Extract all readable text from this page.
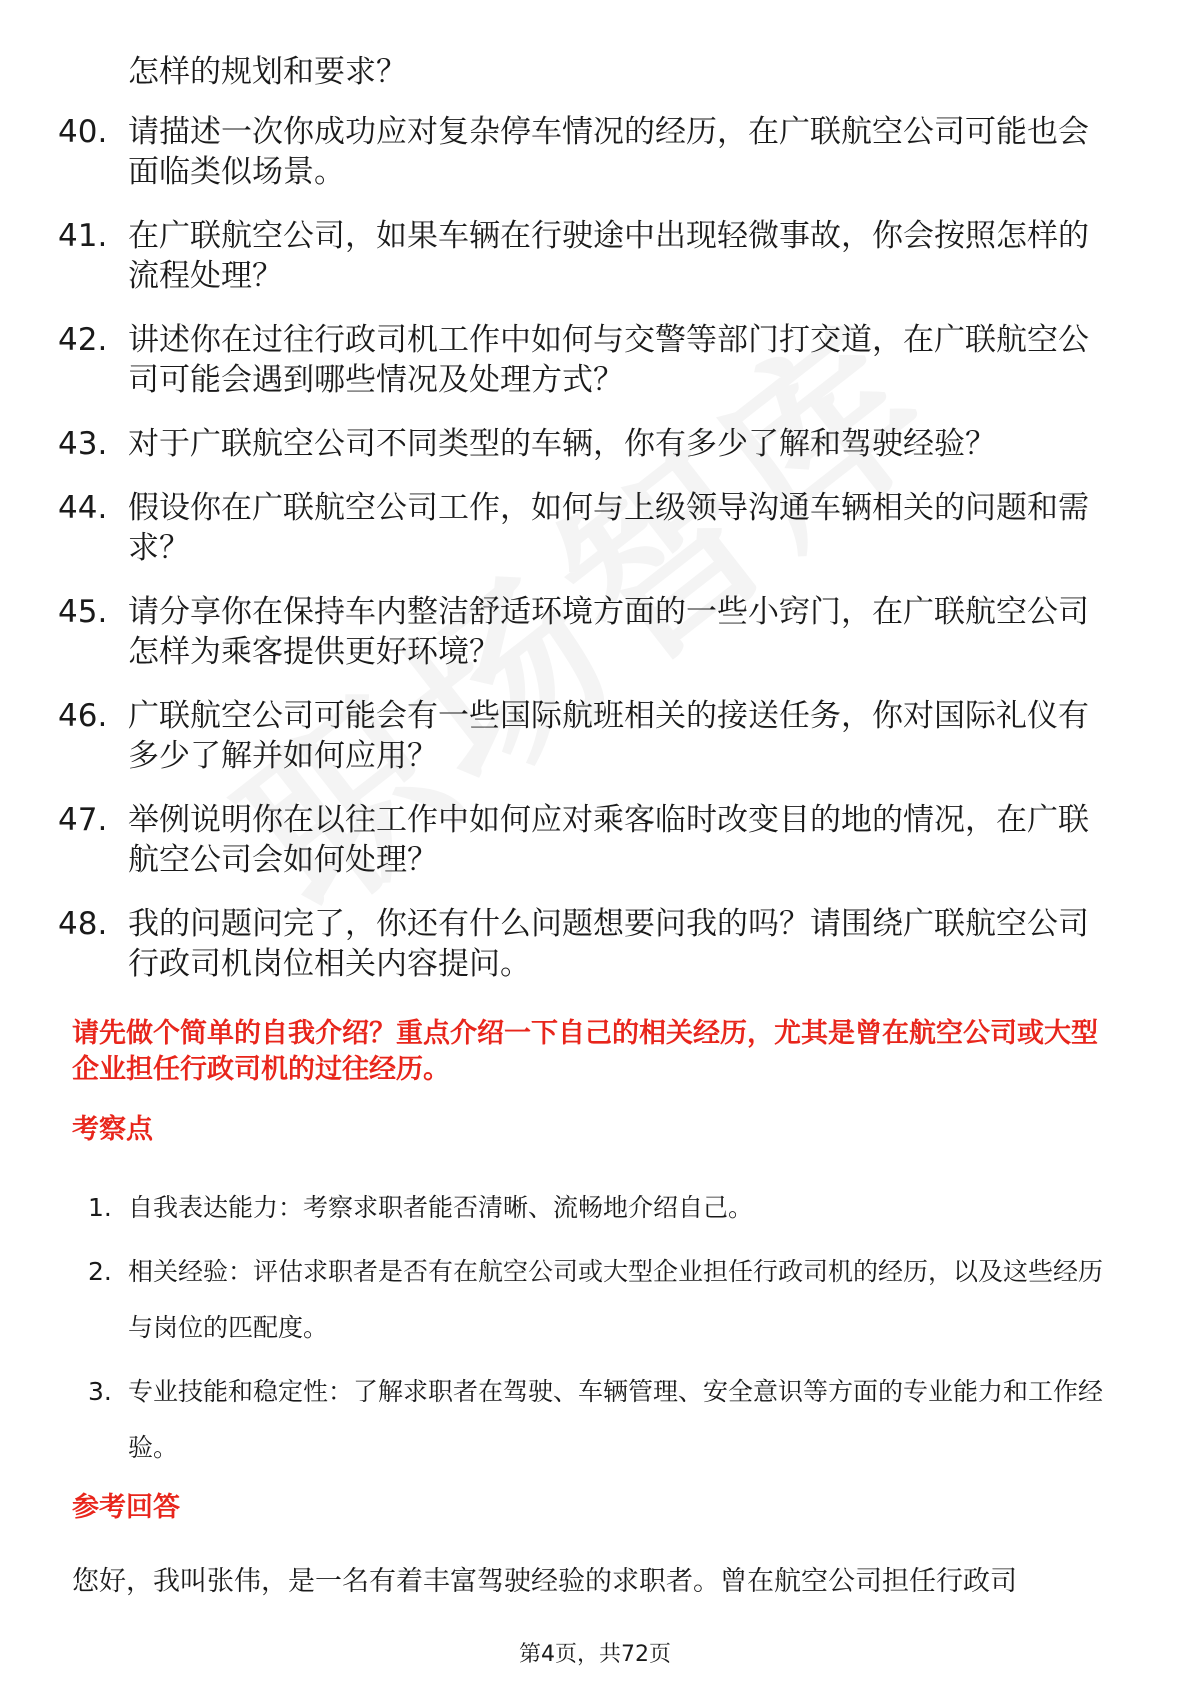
怎样的规划和要求？

40. 请描述一次你成功应对复杂停车情况的经历，在广联航空公司可能也会面临类似场景。
41. 在广联航空公司，如果车辆在行驶途中出现轻微事故，你会按照怎样的流程处理？
42. 讲述你在过往行政司机工作中如何与交警等部门打交道，在广联航空公司可能会遇到哪些情况及处理方式？
43. 对于广联航空公司不同类型的车辆，你有多少了解和驾驶经验？
44. 假设你在广联航空公司工作，如何与上级领导沟通车辆相关的问题和需求？
45. 请分享你在保持车内整洁舒适环境方面的一些小窍门，在广联航空公司怎样为乘客提供更好环境？
46. 广联航空公司可能会有一些国际航班相关的接送任务，你对国际礼仪有多少了解并如何应用？
47. 举例说明你在以往工作中如何应对乘客临时改变目的地的情况，在广联航空公司会如何处理？
48. 我的问题问完了，你还有什么问题想要问我的吗？请围绕广联航空公司行政司机岗位相关内容提问。

请先做个简单的自我介绍？重点介绍一下自己的相关经历，尤其是曾在航空公司或大型企业担任行政司机的过往经历。

考察点
1. 自我表达能力：考察求职者能否清晰、流畅地介绍自己。
2. 相关经验：评估求职者是否有在航空公司或大型企业担任行政司机的经历，以及这些经历与岗位的匹配度。
3. 专业技能和稳定性：了解求职者在驾驶、车辆管理、安全意识等方面的专业能力和工作经验。
参考回答

您好，我叫张伟，是一名有着丰富驾驶经验的求职者。曾在航空公司担任行政司

第4页，共72页
